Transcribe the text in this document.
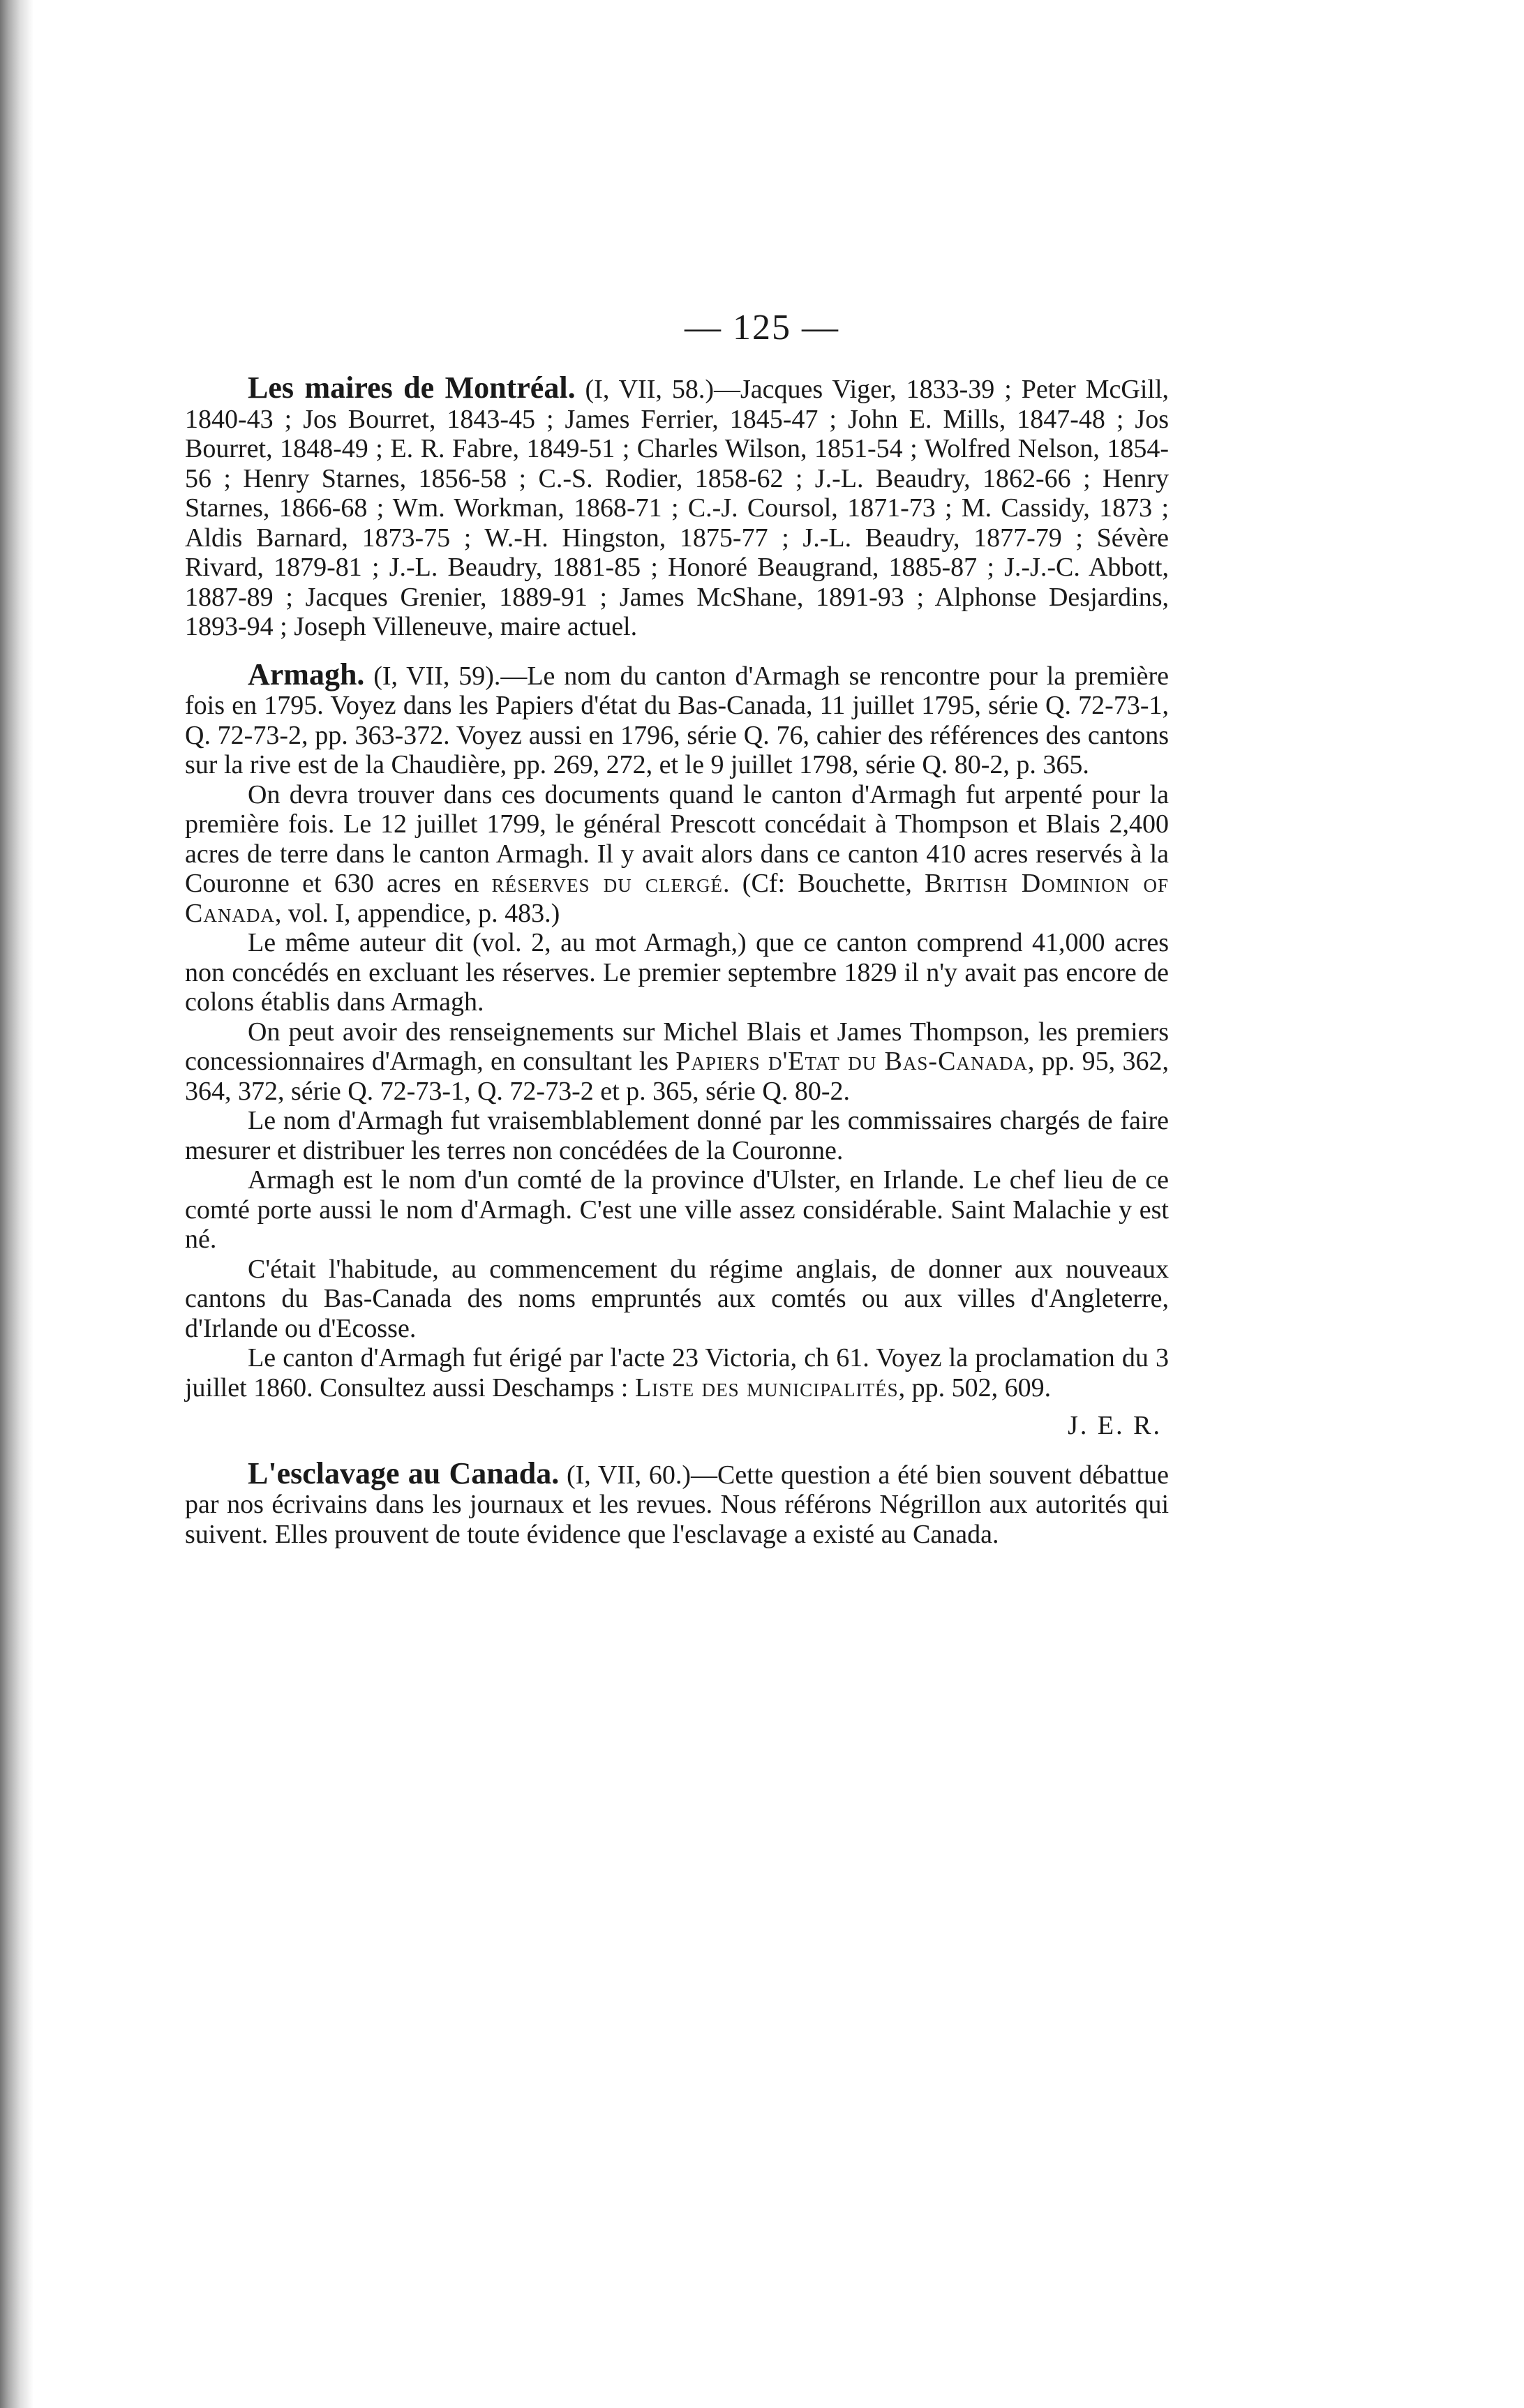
— 125 —

Les maires de Montréal. (I, VII, 58.)—Jacques Viger, 1833-39 ; Peter McGill, 1840-43 ; Jos Bourret, 1843-45 ; James Ferrier, 1845-47 ; John E. Mills, 1847-48 ; Jos Bourret, 1848-49 ; E. R. Fabre, 1849-51 ; Charles Wilson, 1851-54 ; Wolfred Nelson, 1854-56 ; Henry Starnes, 1856-58 ; C.-S. Rodier, 1858-62 ; J.-L. Beaudry, 1862-66 ; Henry Starnes, 1866-68 ; Wm. Workman, 1868-71 ; C.-J. Coursol, 1871-73 ; M. Cassidy, 1873 ; Aldis Barnard, 1873-75 ; W.-H. Hingston, 1875-77 ; J.-L. Beaudry, 1877-79 ; Sévère Rivard, 1879-81 ; J.-L. Beaudry, 1881-85 ; Honoré Beaugrand, 1885-87 ; J.-J.-C. Abbott, 1887-89 ; Jacques Grenier, 1889-91 ; James McShane, 1891-93 ; Alphonse Desjardins, 1893-94 ; Joseph Villeneuve, maire actuel.

Armagh. (I, VII, 59).—Le nom du canton d'Armagh se rencontre pour la première fois en 1795. Voyez dans les Papiers d'état du Bas-Canada, 11 juillet 1795, série Q. 72-73-1, Q. 72-73-2, pp. 363-372. Voyez aussi en 1796, série Q. 76, cahier des références des cantons sur la rive est de la Chaudière, pp. 269, 272, et le 9 juillet 1798, série Q. 80-2, p. 365.

On devra trouver dans ces documents quand le canton d'Armagh fut arpenté pour la première fois. Le 12 juillet 1799, le général Prescott concédait à Thompson et Blais 2,400 acres de terre dans le canton Armagh. Il y avait alors dans ce canton 410 acres reservés à la Couronne et 630 acres en réserves du clergé. (Cf: Bouchette, British Dominion of Canada, vol. I, appendice, p. 483.)

Le même auteur dit (vol. 2, au mot Armagh,) que ce canton comprend 41,000 acres non concédés en excluant les réserves. Le premier septembre 1829 il n'y avait pas encore de colons établis dans Armagh.

On peut avoir des renseignements sur Michel Blais et James Thompson, les premiers concessionnaires d'Armagh, en consultant les Papiers d'Etat du Bas-Canada, pp. 95, 362, 364, 372, série Q. 72-73-1, Q. 72-73-2 et p. 365, série Q. 80-2.

Le nom d'Armagh fut vraisemblablement donné par les commissaires chargés de faire mesurer et distribuer les terres non concédées de la Couronne.

Armagh est le nom d'un comté de la province d'Ulster, en Irlande. Le chef lieu de ce comté porte aussi le nom d'Armagh. C'est une ville assez considérable. Saint Malachie y est né.

C'était l'habitude, au commencement du régime anglais, de donner aux nouveaux cantons du Bas-Canada des noms empruntés aux comtés ou aux villes d'Angleterre, d'Irlande ou d'Ecosse.

Le canton d'Armagh fut érigé par l'acte 23 Victoria, ch 61. Voyez la proclamation du 3 juillet 1860. Consultez aussi Deschamps : Liste des municipalités, pp. 502, 609.

J. E. R.

L'esclavage au Canada. (I, VII, 60.)—Cette question a été bien souvent débattue par nos écrivains dans les journaux et les revues. Nous référons Négrillon aux autorités qui suivent. Elles prouvent de toute évidence que l'esclavage a existé au Canada.
